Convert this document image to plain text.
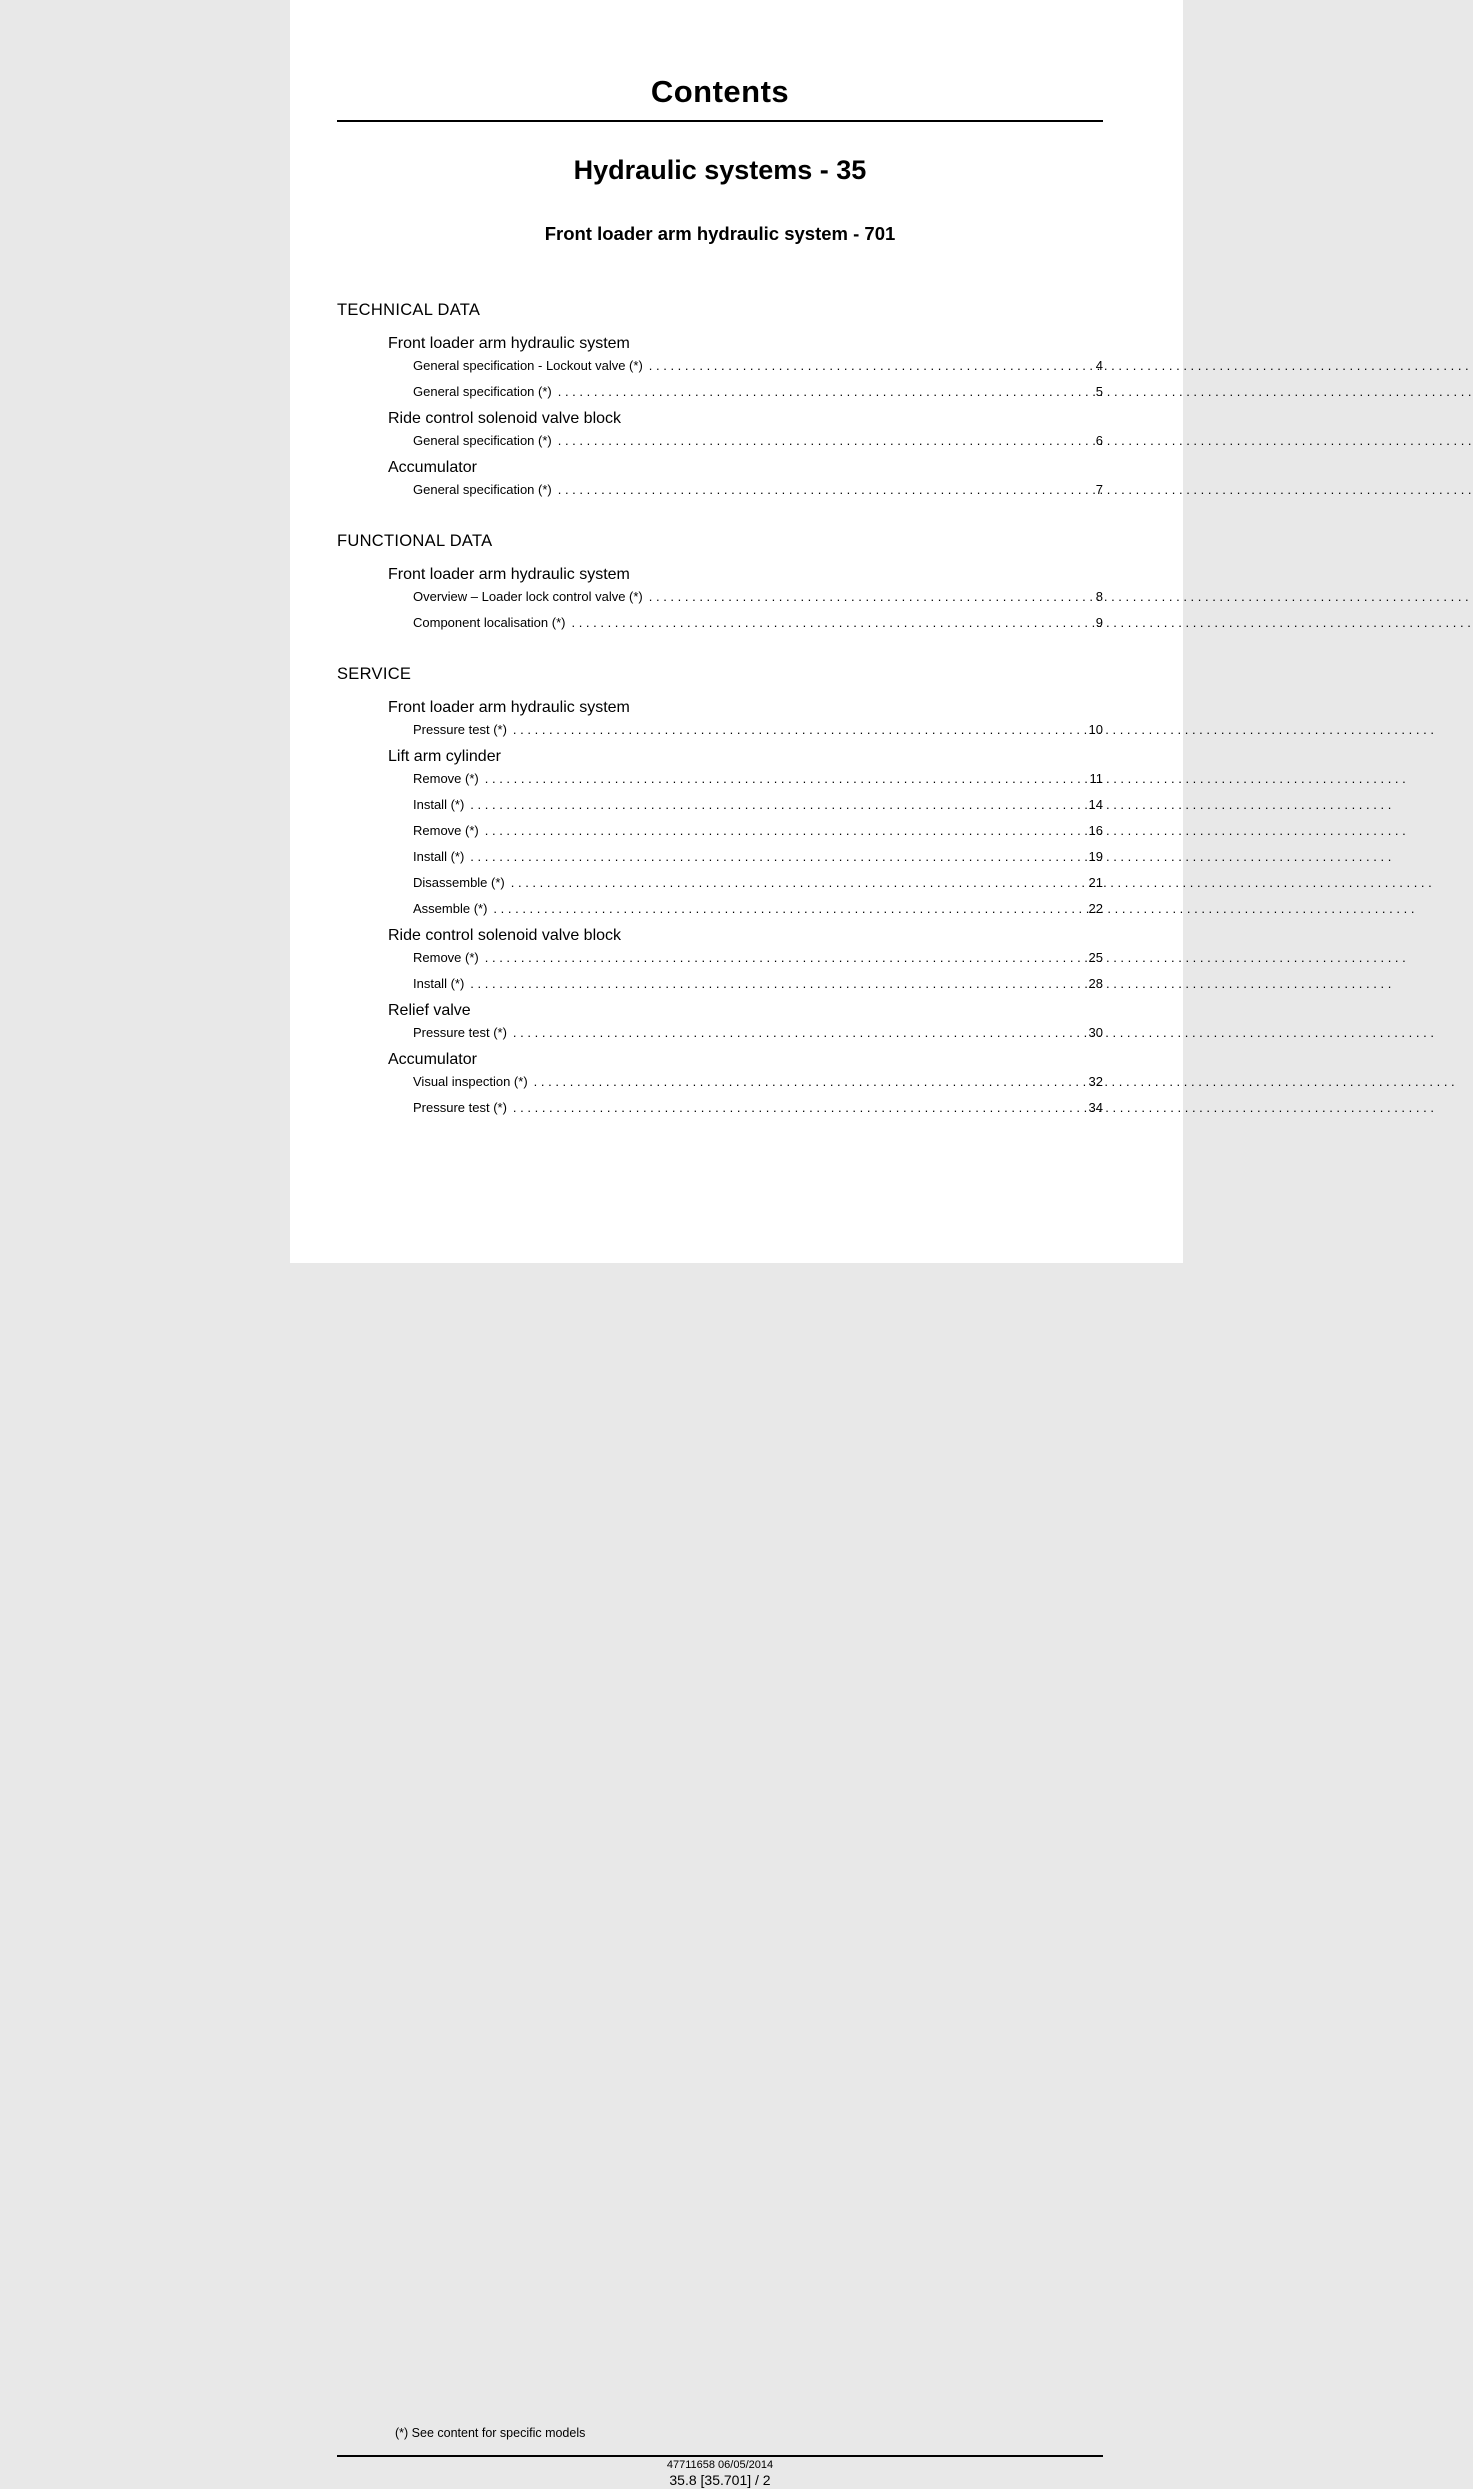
Contents
Hydraulic systems - 35
Front loader arm hydraulic system - 701
TECHNICAL DATA
Front loader arm hydraulic system
General specification - Lockout valve (*) . . .	4
General specification (*) . . .	5
Ride control solenoid valve block
General specification (*) . . .	6
Accumulator
General specification (*) . . .	7
FUNCTIONAL DATA
Front loader arm hydraulic system
Overview – Loader lock control valve (*) . . .	8
Component localisation (*) . . .	9
SERVICE
Front loader arm hydraulic system
Pressure test (*) . . .	10
Lift arm cylinder
Remove (*) . . .	11
Install (*) . . .	14
Remove (*) . . .	16
Install (*) . . .	19
Disassemble (*) . . .	21
Assemble (*) . . .	22
Ride control solenoid valve block
Remove (*) . . .	25
Install (*) . . .	28
Relief valve
Pressure test (*) . . .	30
Accumulator
Visual inspection (*) . . .	32
Pressure test (*) . . .	34
(*) See content for specific models
47711658 06/05/2014
35.8 [35.701] / 2
